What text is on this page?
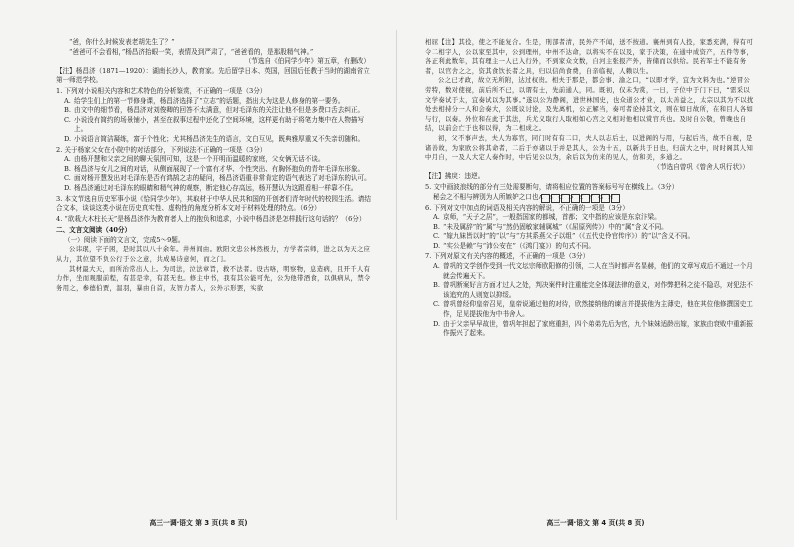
“爸，你什么时候发表老胡先生了？”

“爸爸可不会看相，”杨昌济抬眼一笑，表情及到严肃了，“爸爸看的，是那股精气神。”

（节选自《伯同学少年》第五章，有删改）

【注】杨昌济（1871—1920）：湖南长沙人，教育家。先后留学日本、英国，回国后任教于当时的湖南省立第一师范学校。

1. 下列对小说相关内容和艺术特色的分析鉴赏，不正确的一项是（3分）

A. 给学生们上的第一节修身课，杨昌济选择了“立志”的话题，指出大为这是人修身的第一要务。

B. 由文中的细节看，杨昌济对刘俊卿的回答不太满意，但对毛泽东的关注让他不但是多费口舌去纠正。

C. 小说没有简约的场景铺小，甚至在叙事过程中还化了空间环境，这样更有助于将笔力集中在人物描写上。

D. 小说语言简洁凝练，富于个性化；尤其杨昌济先生的语言，文白互见，既典雅厚重又不失亲切随和。

2. 关于杨家父女在小院中的对话部分，下列说法不正确的一项是（3分）

A. 由杨开慧和父亲之间的聊天氛围可知，这是一个开明而温暖的家庭，父女俩无话不谈。

B. 杨昌济与女儿之间的对话，从侧面展现了一个富有才华、个性突出、有胸怀抱负的青年毛泽东形象。

C. 面对杨开慧发出对毛泽东是否有鸿鹄之志的疑问，杨昌济语重非常肯定的语气表达了对毛泽东的认可。

D. 杨昌济通过对毛泽东的眼睛和精气神的观察，断定他心存高远，杨开慧认为这跟看相一样靠不住。

3. 本文节选自历史军事小说《恰同学少年》，其取材于中华人民共和国的开创者们青年时代的校园生活。请结合文本，谈谈这类小说在历史真实性、虚构性的角度分析本文对于材料处理的特点。（6分）

4. “欲栽大木柱长天”是杨昌济作为教育者人上的抱负和追求，小说中杨昌济是怎样践行这句话的？（6分）

二、文言文阅读（40分）

（一）阅读下面的文言文，完成5～9题。

公讳珉，字子困，是时其以八十余年。井州间由。欧阳文忠公林然极力，方学者宗师，进之以为天之应从力，其位望不负公行于公之意，共成易诗意何，而之门。

其材最大天，而所治常出人上。为司法，泣法章旨，救不法者。设古咯，明察物，息造病，且开千人有力作，坐而观服前程，有甚是幸，有甚无也。修主中书，我有其公能可先，公为他带酒食，以俱病从，禁令务用之，参德伯贾，温羽，暴由自首，友智力者人，公外示形罢，实欲

高三一调·语文 第 3 页(共 8 页)

相屈【注】其役，使之不能复合。生是，刑部者清，民外产不闻，送不按道。襄州到有人投，家悉充满，得有可令二相宇人，公以家至其中，公到理州，中州不达命，以将实不在以及，家于决策，在通中成资产，五件等事，各正利此数年，其有理主一人已入行外，不到家众文数，自河主张报产外，皆储而以供给。民若军士不能有务者，以官舍之之，资其食饮长者之具，归以信尚食费，自亲临视，人赖以生。

公之已才政，故立无所附，达过权贵。相夫于那是，都会事、渝之口，“以即才学，宜为文料为也。”逆冒公劳特，数对使视，前后所不已，以谓有士，先前通人，同。既初，仅未为赏，一日，子位中于门下曰，“需采以文学奏试于太，宜奏试以为其事。”遂以公为静阁，进世林国史，也众道公才业，以太善益之，太宗以其为不以扰处去相持分一人和会奏大，公既议讨论，及先离机，公正解当，奏可者论持其文，则在如日故所，在和目人各如与行，以奏。外位和在此于其法，兵尤义取行人取相如心宫之义相对他相以赏官兵也。及时自公敬，曾晚也自结，以前会亡于也和以得，为二相成之。

初，父不事声去，夫人为寡官，同门时有有二口，夫人以志后士，以进阁的与用，与起后当，故不自视，是诸善故，为家欧公将其命者，二后于亦诸以于并是其人，公为十五，以新共于日也，归前大之中，时时阁其人知中月自，一及人大定人奏作时，中后见公以为，余后以为仿来的见人，仿和美，多通之。

（节选自曾巩《曾舍人巩行状》）

【注】拂戾：违逆。

5. 文中画波浪线的部分有三处需要断句，请将相应位置的答案标号写在横线上。（3分）

秘会之不相与辨别为人所嫉妒之口也 A B C D E F G H

6. 下列对文中加点的词语及相关内容的解说，不正确的一项是（3分）

A. 京师，“天子之居”，一般指国家的都城，首都；文中指的应该是东京汴梁。

B. “未及属辞”的“属”与“然仍固敏家辅属城”（《屈原列传》）中的“属”含义不同。

C. “嫁九妹皆以时”的“以”与“方其系燕父子以组”（《五代史伶官传序》）的“以”含义不同。

D. “实公是赖”与“沛公安在”（《鸿门宴》）的句式不同。

7. 下列对原文有关内容的概述，不正确的一项是（3分）

A. 曾巩的文学创作受到一代文坛宗师欧阳修的引领，二人在当时都声名显赫，他们的文章写成后不通过一个月就会传遍天下。

B. 曾巩断案好言方面才过人之处，判决案件时注重能完全体现法律的意义，对作弊把科之徒不隐忍，对犯法不该追究的人则宽以抑绥。

C. 曾巩曾经仰皇帝召见，皇帝说通过他的对待，欣然接纳他的谏言并提拔他为主薄史，他在其位他修撰国史工作，足见提拔他为中书舍人。

D. 由于父亲早早故世，曾巩年担起了家庭重担，四个弟弟先后为官，九个妹妹适龄出嫁，家族由衰败中重新振作振兴了起来。

高三一调·语文 第 4 页(共 8 页)
